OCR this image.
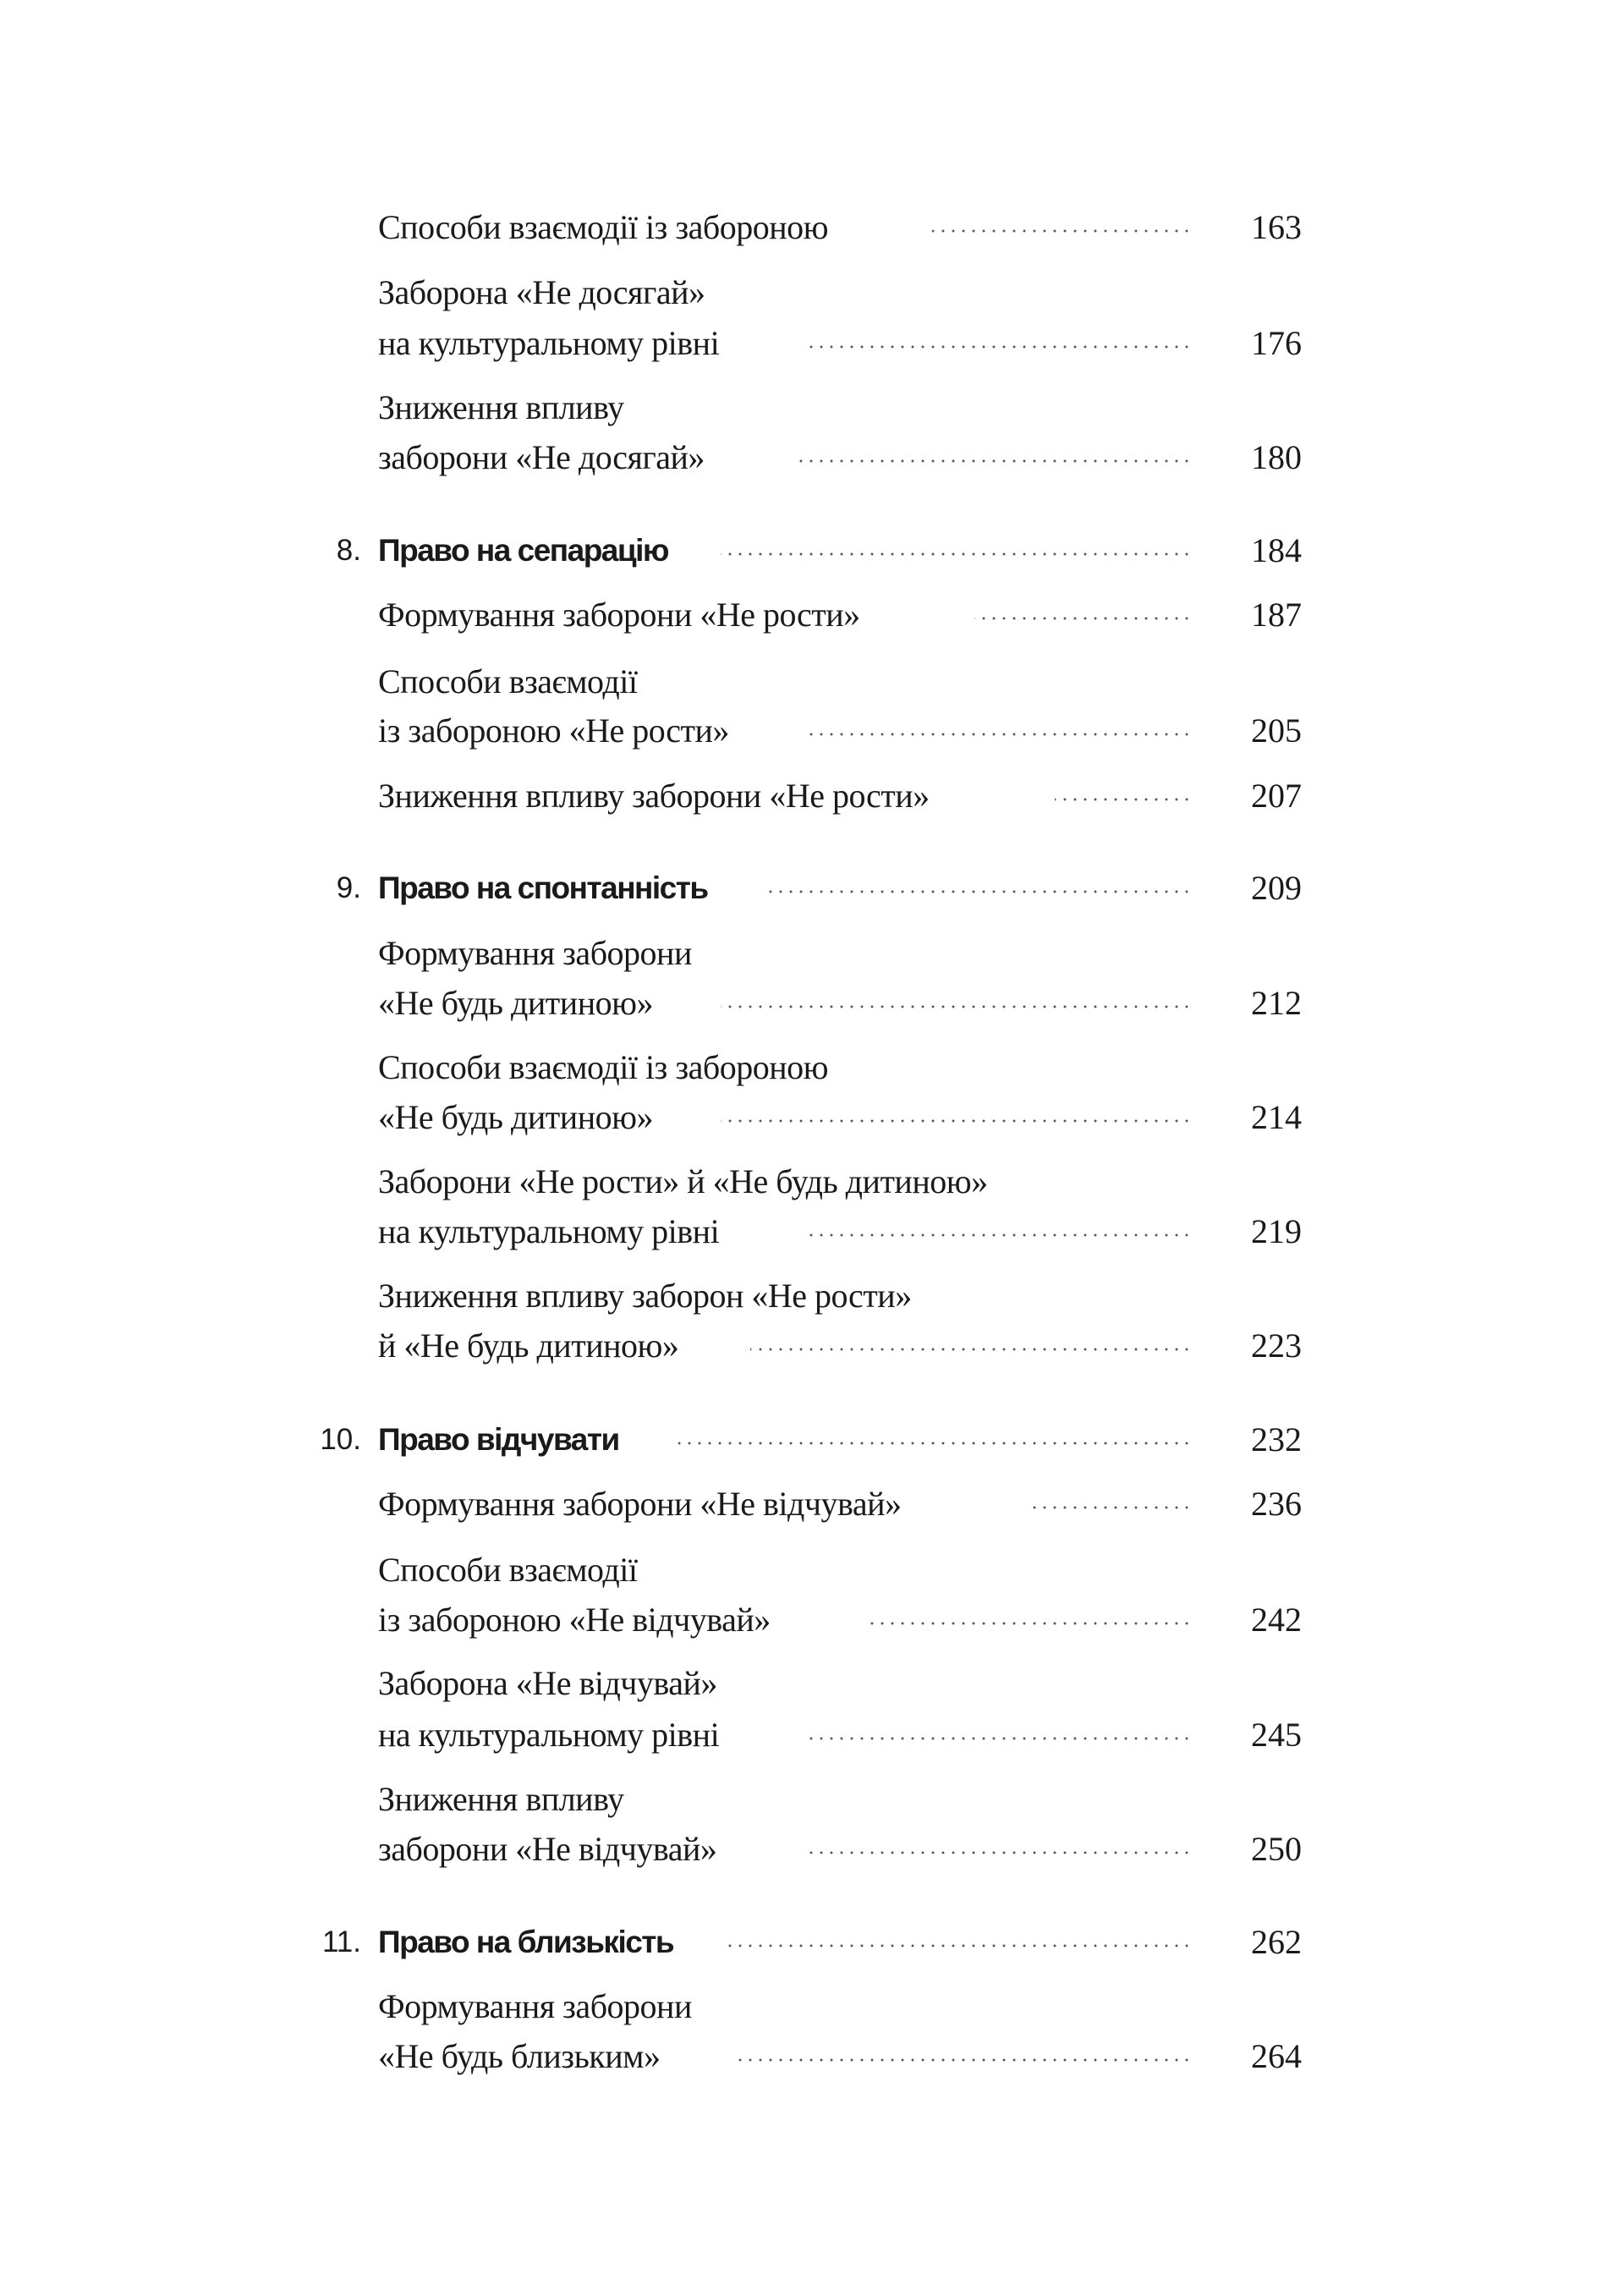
Способи взаємодії із забороною	163
Заборона «Не досягай»
на культуральному рівні	176
Зниження впливу
заборони «Не досягай»	180
8. Право на сепарацію	184
Формування заборони «Не рости»	187
Способи взаємодії
із забороною «Не рости»	205
Зниження впливу заборони «Не рости»	207
9. Право на спонтанність	209
Формування заборони
«Не будь дитиною»	212
Способи взаємодії із забороною
«Не будь дитиною»	214
Заборони «Не рости» й «Не будь дитиною»
на культуральному рівні	219
Зниження впливу заборон «Не рости»
й «Не будь дитиною»	223
10. Право відчувати	232
Формування заборони «Не відчувай»	236
Способи взаємодії
із забороною «Не відчувай»	242
Заборона «Не відчувай»
на культуральному рівні	245
Зниження впливу
заборони «Не відчувай»	250
11. Право на близькість	262
Формування заборони
«Не будь близьким»	264
